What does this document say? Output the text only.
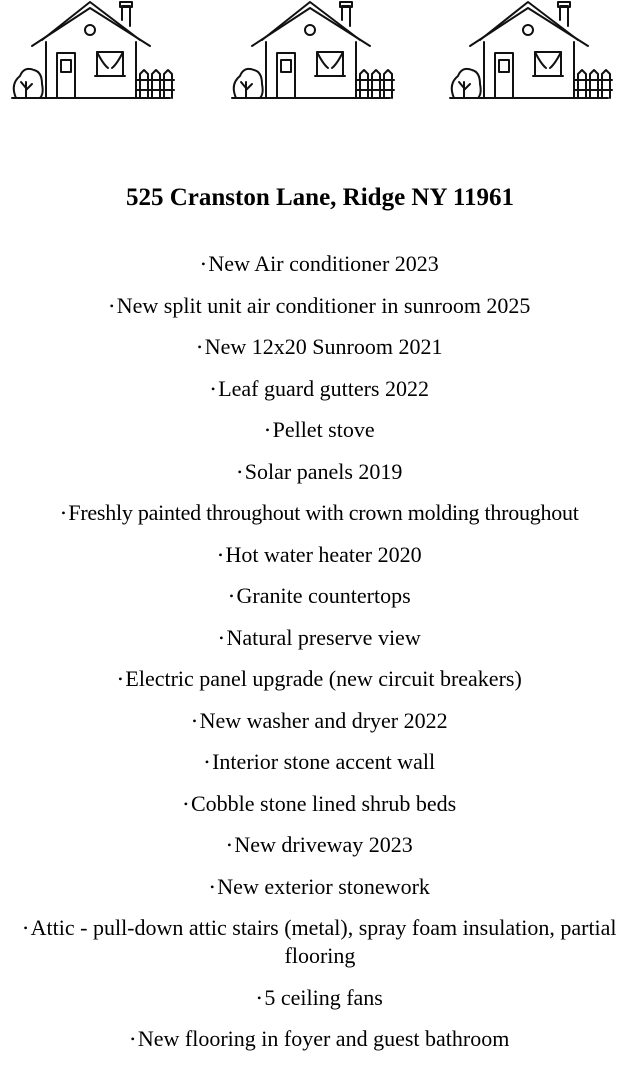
525 Cranston Lane, Ridge NY 11961
• New Air conditioner 2023
• New split unit air conditioner in sunroom 2025
• New 12x20 Sunroom 2021
• Leaf guard gutters 2022
• Pellet stove
• Solar panels 2019
• Freshly painted throughout with crown molding throughout
• Hot water heater 2020
• Granite countertops
• Natural preserve view
• Electric panel upgrade (new circuit breakers)
• New washer and dryer 2022
• Interior stone accent wall
• Cobble stone lined shrub beds
• New driveway 2023
• New exterior stonework
• Attic - pull-down attic stairs (metal), spray foam insulation, partial flooring
• 5 ceiling fans
• New flooring in foyer and guest bathroom
